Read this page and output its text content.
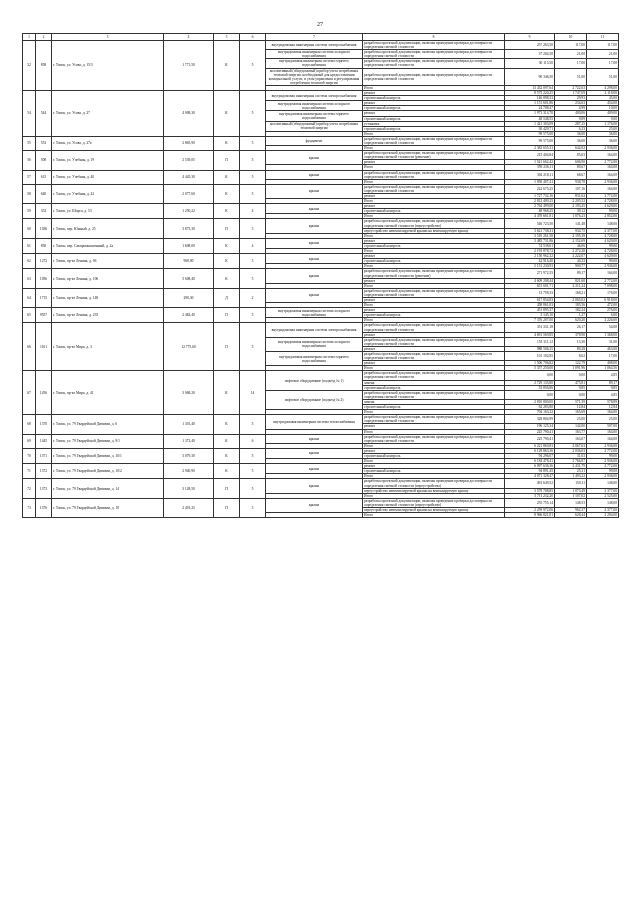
27
1	2	3	4	5	6	7	8	9	10	11
52	858	г. Томск, ул. Усова, д. 15/3	1 771,50	К	5	внутридомовая инженерная система электроснабжения	разработка проектной документации, включая проведение проверки достоверности определения сметной стоимости	257 263,50	117,00	117,00
						внутридомовая инженерная система холодного водоснабжения	разработка проектной документации, включая проведение проверки достоверности определения сметной стоимости	37 204,50	21,00	21,00
						внутридомовая инженерная система горячего водоснабжения	разработка проектной документации, включая проведение проверки достоверности определения сметной стоимости	30 115,50	17,00	17,00
						коллективный (общедомовый) прибор учета потребления тепловой энергии, необходимый для предоставления коммунальной услуги, и узлы управления и регулирования потребления тепловой энергии	разработка проектной документации, включая проведение проверки достоверности определения сметной стоимости	90 346,50	51,00	51,00
							Итого	13 432 097,64	2 722,63	4 298,00
54	544	г. Томск, ул. Усова, д. 27	4 908,30	К	5	внутридомовая инженерная система электроснабжения	ремонт	8 575 220,25	1 747,09	2 118,00
							строительный контроль	146 898,33	29,93	45,00
						внутридомовая инженерная система холодного водоснабжения	ремонт	1 151 601,86	234,63	454,00
							строительный контроль	24 708,47	4,99	10,00
						внутридомовая инженерная система горячего водоснабжения	ремонт	1 973 314,70	400,06	409,00
							строительный контроль	48 548,55	9,89	9,00
						коллективный (общедомовый) прибор учета потребления тепловой энергии	установка	1 421 303,09	287,25	1 176,00
							строительный контроль	30 429,71	6,23	25,00
							Итого	99 575,00	36,00	36,00
55	553	г. Томск, ул. Усова, д. 27а	2 865,90	К	5	фундамент	разработка проектной документации, включая проведение проверки достоверности определения сметной стоимости	99 575,00	36,00	36,00
							Итого	2 382 655,31	642,02	2 936,00
56	508	г. Томск, ул. Учебная, д. 19	2 539,05	П	5	крыша	разработка проектной документации, включая проведение проверки достоверности определения сметной стоимости (решение)	215 404,84	85,03	164,00
							ремонт	1 541 662,42	606,90	2 772,00
							Итого	359 236,11	80,67	164,00
57	615	г. Томск, ул. Учебная, д. 40	4 445,30	К	5	крыша	разработка проектной документации, включая проведение проверки достоверности определения сметной стоимости	302 218,11	68,67	164,00
							Итого	1 950 407,41	938,78	2 936,00
58	640	г. Томск, ул. Учебная, д. 42	2 077,60	К	5	крыша	разработка проектной документации, включая проведение проверки достоверности определения сметной стоимости	222 675,25	107,16	164,00
							ремонт	1 727 732,16	831,62	2 772,00
							Итого	2 812 409,25	2 205,52	4 728,00
59	352	г. Томск, ул. Шорса, д. 53	1 250,22	К	4	крыша	ремонт	2 764 499,00	2 193,45	4 629,00
							строительный контроль	48 968,25	39,12	99,00
							Итого	4 470 661,81	1 076,23	2 852,00
60	1036	г. Томск, пер. Южный, д. 25	3 873,30	П	5	крыша	разработка проектной документации, включая проведение проверки достоверности определения сметной стоимости (переустройство)	546 723,50	141,48	148,00
							переустройство невентилируемой крыши на вентилируемую крышу	3 621 738,31	934,75	2 377,00
							Итого	3 510 261,50	2 195,39	4 728,00
61	850	г. Томск, пер. Сакпромышленный, д. 2а	1 608,00	К	4	крыша	ремонт	3 485 731,86	2 152,69	4 629,00
							строительный контроль	74 538,61	46,06	99,00
							Итого	2 193 878,72	2 272,28	4 728,00
62	1272	г. Томск, пр-кт Ленина, д. 96	968,00	К	3	крыша	ремонт	2 150 962,32	2 222,07	4 629,00
							строительный контроль	42 916,40	44,33	99,00
							Итого	5 151 230,93	900,77	2 936,00
63	1056	г. Томск, пр-кт Ленина, д. 106	5 608,40	К	5	крыша	разработка проектной документации, включая проведение проверки достоверности определения сметной стоимости (решение)	271 972,55	89,17	164,00
							ремонт	4 609 208,44	821,60	2 772,00
							Итого	651 601,71	2 211,24	7 098,00
64	1715	г. Томск, пр-кт Ленина, д. 148	290,30	Д	2	крыша	разработка проектной документации, включая проведение проверки достоверности определения сметной стоимости	13 758,33	168,21	176,00
							ремонт	617 854,83	2 065,02	6 918,00
							Итого	458 861,03	183,56	472,00
65	9557	г. Томск, пр-кт Ленина, д. 235	2 482,40	П	5	внутридомовая инженерная система холодного водоснабжения	ремонт	451 895,37	182,24	276,00
							строительный контроль	3 145,10	1,27	6,00
							Итого	7 376 207,00	620,20	2 226,00
66	1161	г. Томск, пр-кт Мира, д. 3	12 775,60	П	5	внутридомовая инженерная система электроснабжения	разработка проектной документации, включая проведение проверки достоверности определения сметной стоимости	351 331,18	26,17	54,00
							ремонт	4 691 569,85	378,90	1 368,00
						внутридомовая инженерная система холодного водоснабжения	разработка проектной документации, включая проведение проверки достоверности определения сметной стоимости	153 311,12	13,36	31,00
							ремонт	988 506,35	80,28	463,00
						внутридомовая инженерная система горячего водоснабжения	разработка проектной документации, включая проведение проверки достоверности определения сметной стоимости	101 102,85	8,62	17,00
							ремонт	1 506 706,82	122,79	408,00
							Итого	5 357 250,00	1 091,96	1 064,56
67	1456	г. Томск, пр-кт Мира, д. 41	3 068,20	К	14	лифтовое оборудование (подъезд № 1)	разработка проектной документации, включая проведение проверки достоверности определения сметной стоимости	0,00	0,00	4,85
							замена	2 729 135,80	475,81	89,17
							строительный контроль	53 856,86	9,85	9,85
						лифтовое оборудование (подъезд № 2)	разработка проектной документации, включая проведение проверки достоверности определения сметной стоимости	0,00	0,00	4,85
							замена	2 810 800,00	571,39	578,89
							строительный контроль	62 283,80	12,84	12,84
							Итого	704 163,32	165,69	164,00
68	1370	г. Томск, ул. 79 Гвардейской Дивизии, д. 6	1 301,40	К	5	внутридомовая инженерная система теплоснабжения	разработка проектной документации, включая проведение проверки достоверности определения сметной стоимости	328 804,99	25,00	25,00
							ремонт	196 125,34	142,00	507,00
							Итого	225 790,41	163,77	164,00
69	1445	г. Томск, ул. 79 Гвардейской Дивизии, д. 9/1	1 372,40	К	6	крыша	разработка проектной документации, включая проведение проверки достоверности определения сметной стоимости	225 790,41	163,07	164,00
							Итого	6 221 860,83	2 067,63	2 936,00
70	1371	г. Томск, ул. 79 Гвардейской Дивизии, д. 10/1	3 079,30	К	5	крыша	ремонт	6 129 863,36	2 036,03	2 772,00
							строительный контроль	94 296,07	31,03	99,00
							Итого	6 184 478,41	2 766,87	2 936,00
71	1372	г. Томск, ул. 79 Гвардейской Дивизии, д. 10/2	2 940,90	К	5	крыша	ремонт	6 097 636,36	2 431,79	2 772,00
							строительный контроль	94 891,45	25,31	99,00
							Итого	4 071 328,47	1 493,22	2 936,00
72	1373	г. Томск, ул. 79 Гвардейской Дивизии, д. 14	3 128,50	П	5	крыша	разработка проектной документации, включая проведение проверки достоверности определения сметной стоимости (переустройство)	491 649,52	150,11	148,00
							переустройство невентилируемой крыши на вентилируемую крышу	3 579 708,85	1 073,49	2 377,00
							Итого	3 711 232,20	1 107,02	2 525,00
73	1376	г. Томск, ул. 79 Гвардейской Дивизии, д. 18	2 491,25	П	5	крыша	разработка проектной документации, включая проведение проверки достоверности определения сметной стоимости (переустройство)	255 755,14	148,53	148,00
							переустройство невентилируемой крыши на вентилируемую крышу	2 259 972,06	962,37	2 377,00
							Итого	8 966 821,81	628,44	2 294,00
